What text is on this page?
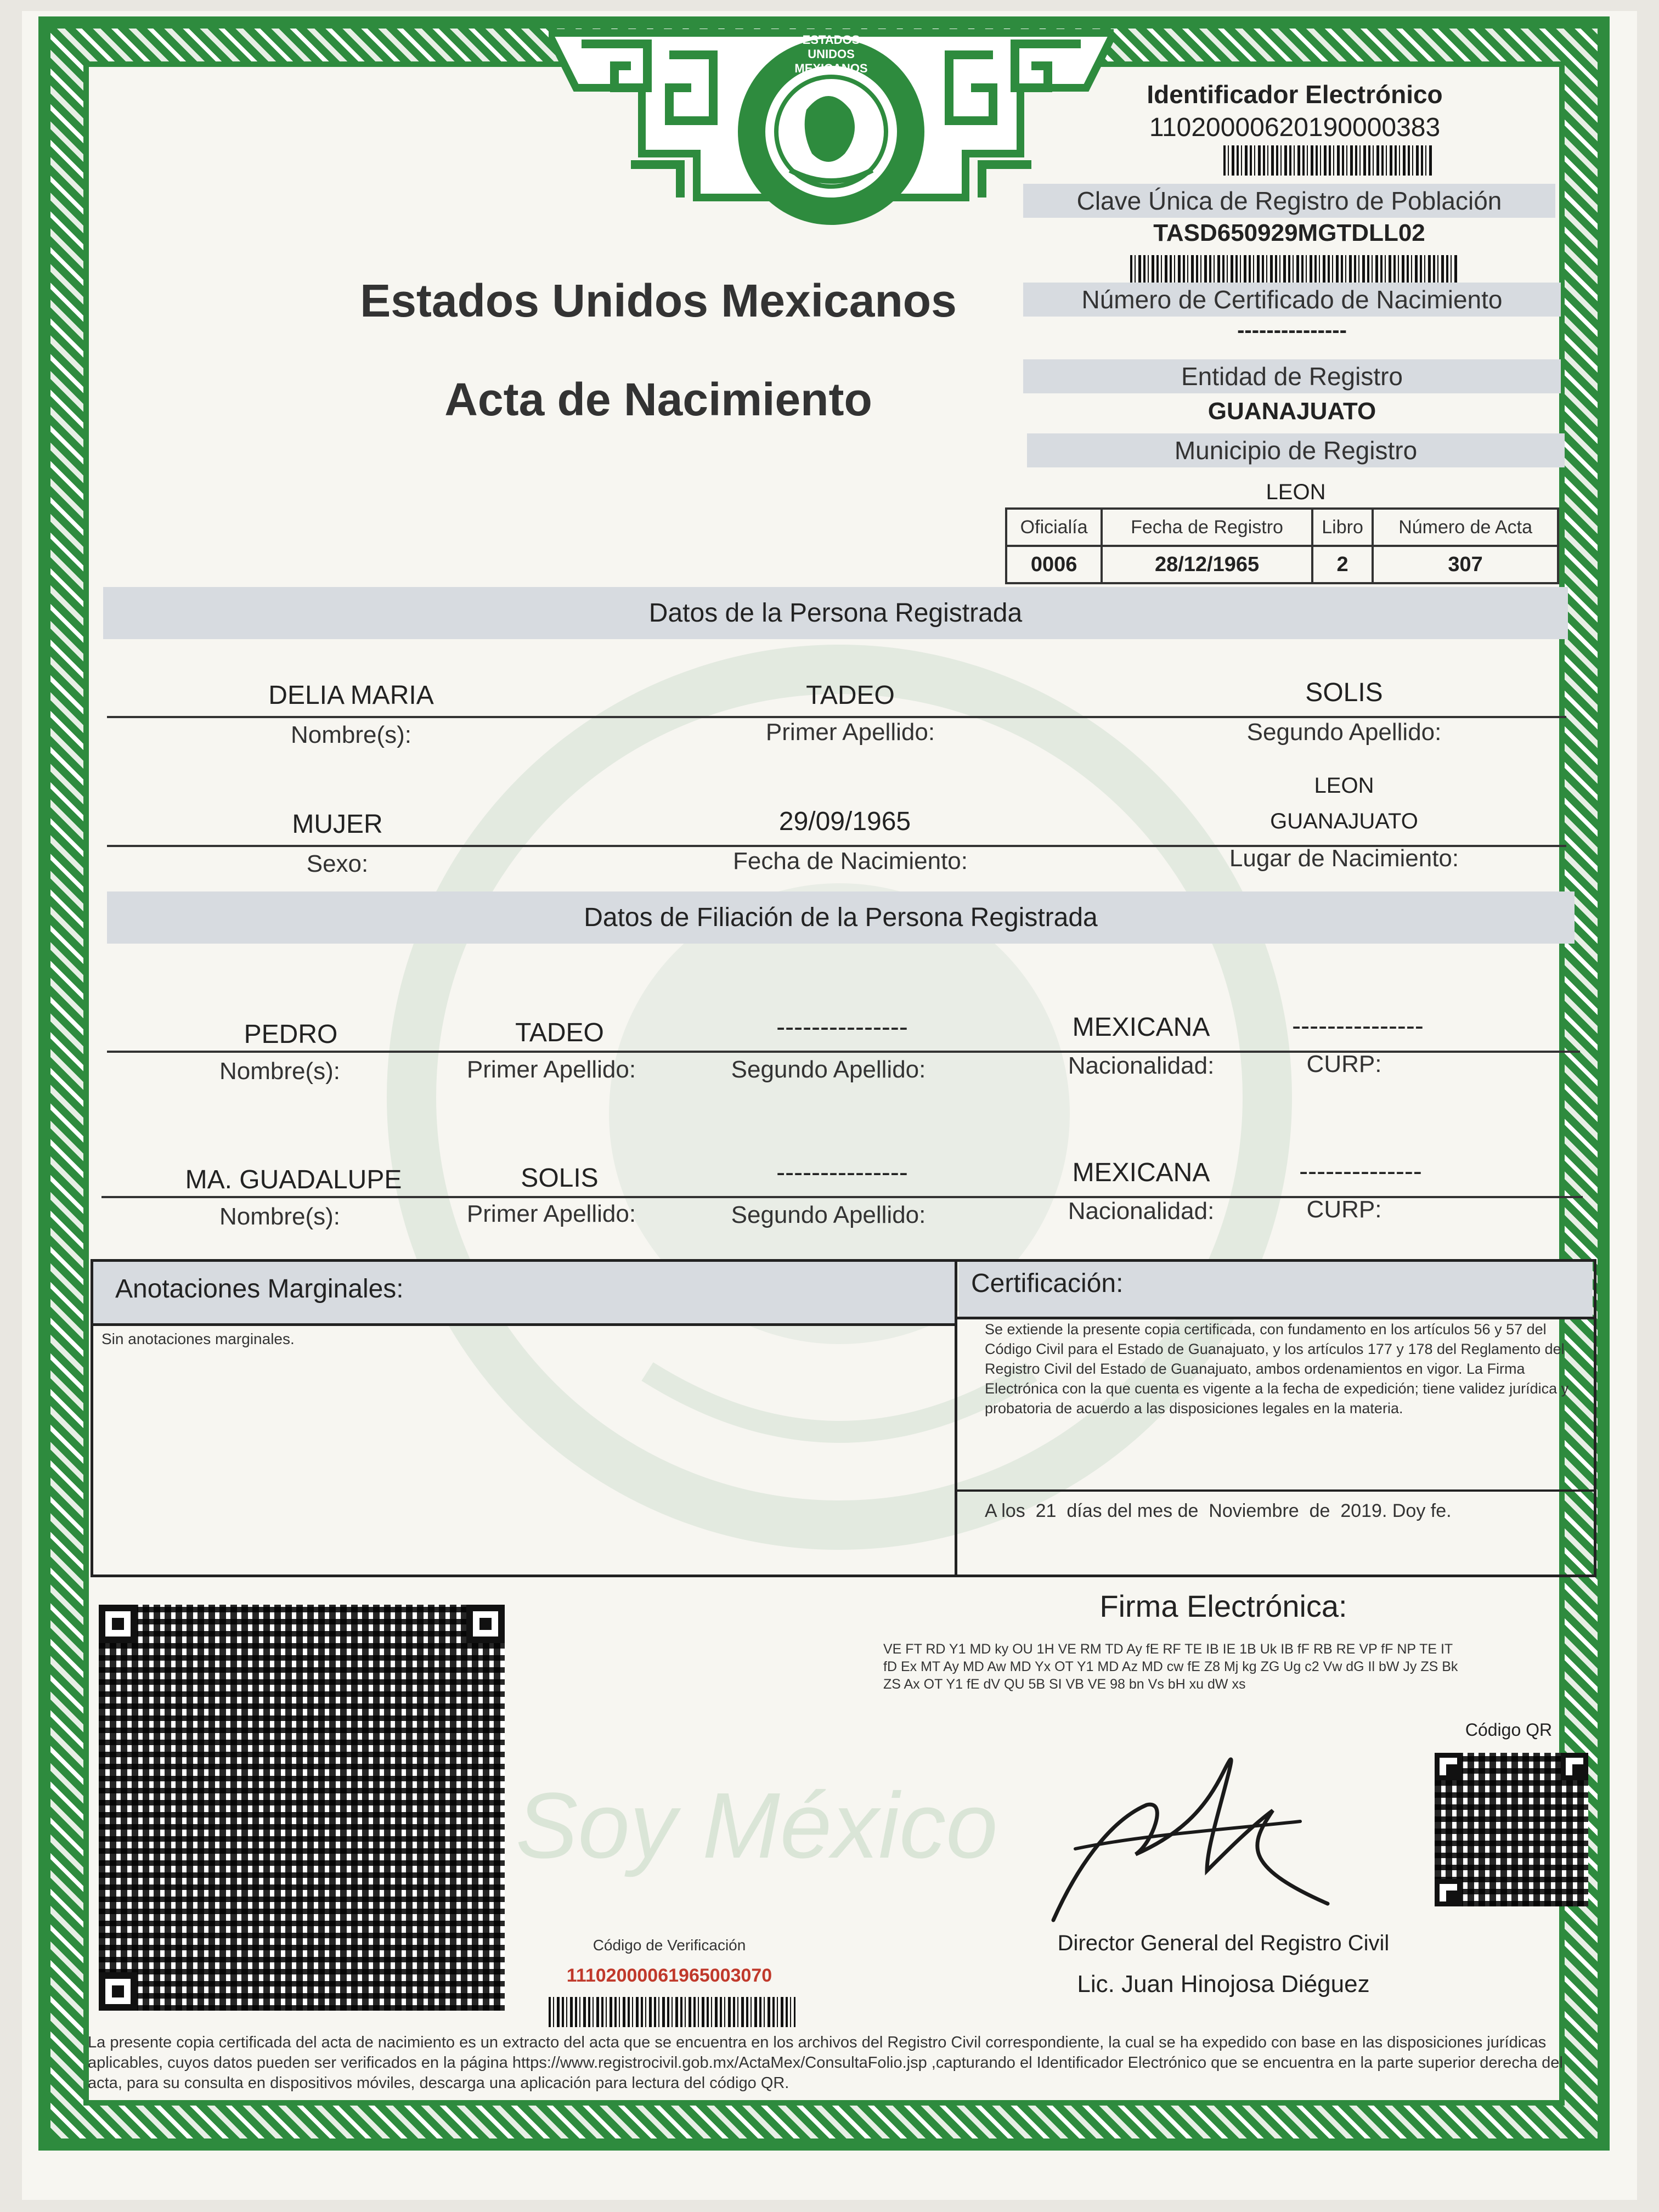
ESTADOS UNIDOS MEXICANOS
Estados Unidos Mexicanos
Acta de Nacimiento
Identificador Electrónico
11020000620190000383
Clave Única de Registro de Población
TASD650929MGTDLL02
Número de Certificado de Nacimiento
---------------
Entidad de Registro
GUANAJUATO
Municipio de Registro
LEON
Oficialía	Fecha de Registro	Libro	Número de Acta
0006	28/12/1965	2	307
Datos de la Persona Registrada
DELIA MARIA	TADEO	SOLIS
Nombre(s):	Primer Apellido:	Segundo Apellido:
MUJER	29/09/1965
LEON
GUANAJUATO
Sexo:	Fecha de Nacimiento:	Lugar de Nacimiento:
Datos de Filiación de la Persona Registrada
PEDRO	TADEO	---------------	MEXICANA	---------------
Nombre(s):	Primer Apellido:	Segundo Apellido:	Nacionalidad:	CURP:
MA. GUADALUPE	SOLIS	---------------	MEXICANA	--------------
Nombre(s):	Primer Apellido:	Segundo Apellido:	Nacionalidad:	CURP:
Anotaciones Marginales:
Sin anotaciones marginales.
Certificación:
Se extiende la presente copia certificada, con fundamento en los artículos 56 y 57 del Código Civil para el Estado de Guanajuato, y los artículos 177 y 178 del Reglamento del Registro Civil del Estado de Guanajuato, ambos ordenamientos en vigor. La Firma Electrónica con la que cuenta es vigente a la fecha de expedición; tiene validez jurídica y probatoria de acuerdo a las disposiciones legales en la materia.
A los 21 días del mes de Noviembre de 2019. Doy fe.
Soy México
Código de Verificación
11102000061965003070
Firma Electrónica:
VE FT RD Y1 MD ky OU 1H VE RM TD Ay fE RF TE IB IE 1B Uk IB fF RB RE VP fF NP TE IT
fD Ex MT Ay MD Aw MD Yx OT Y1 MD Az MD cw fE Z8 Mj kg ZG Ug c2 Vw dG Il bW Jy ZS Bk
ZS Ax OT Y1 fE dV QU 5B SI VB VE 98 bn Vs bH xu dW xs
Código QR
Director General del Registro Civil
Lic. Juan Hinojosa Diéguez
La presente copia certificada del acta de nacimiento es un extracto del acta que se encuentra en los archivos del Registro Civil correspondiente, la cual se ha expedido con base en las disposiciones jurídicas aplicables, cuyos datos pueden ser verificados en la página https://www.registrocivil.gob.mx/ActaMex/ConsultaFolio.jsp ,capturando el Identificador Electrónico que se encuentra en la parte superior derecha del acta, para su consulta en dispositivos móviles, descarga una aplicación para lectura del código QR.
